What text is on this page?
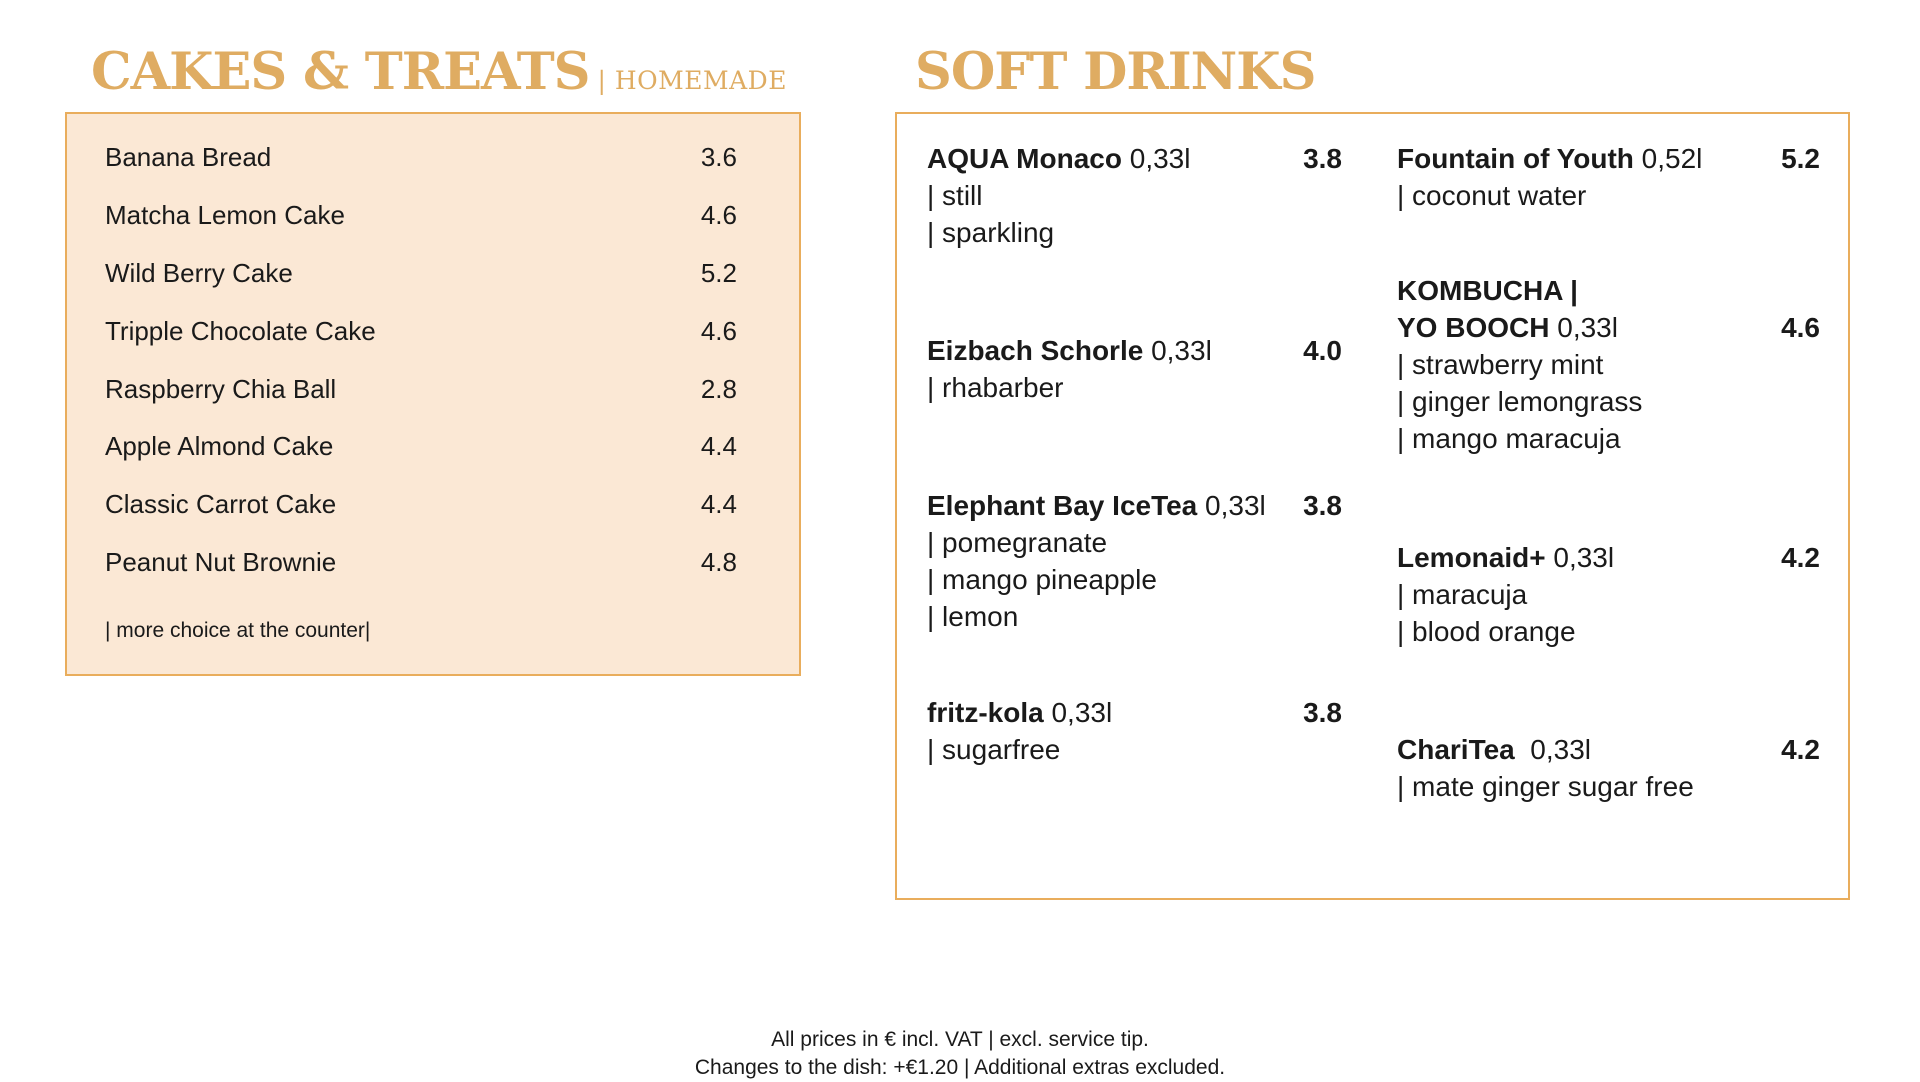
CAKES & TREATS | HOMEMADE
Banana Bread	3.6
Matcha Lemon Cake	4.6
Wild Berry Cake	5.2
Tripple Chocolate Cake	4.6
Raspberry Chia Ball	2.8
Apple Almond Cake	4.4
Classic Carrot Cake	4.4
Peanut Nut Brownie	4.8
| more choice at the counter|
SOFT DRINKS
AQUA Monaco 0,33l	3.8
| still
| sparkling
Eizbach Schorle 0,33l	4.0
| rhabarber
Elephant Bay IceTea 0,33l 3.8
| pomegranate
| mango pineapple
| lemon
fritz-kola 0,33l	3.8
| sugarfree
Fountain of Youth 0,52l	5.2
| coconut water
KOMBUCHA |
YO BOOCH 0,33l	4.6
| strawberry mint
| ginger lemongrass
| mango maracuja
Lemonaid+ 0,33l	4.2
| maracuja
| blood orange
ChariTea  0,33l	4.2
| mate ginger sugar free
All prices in € incl. VAT | excl. service tip.
Changes to the dish: +€1.20 | Additional extras excluded.
